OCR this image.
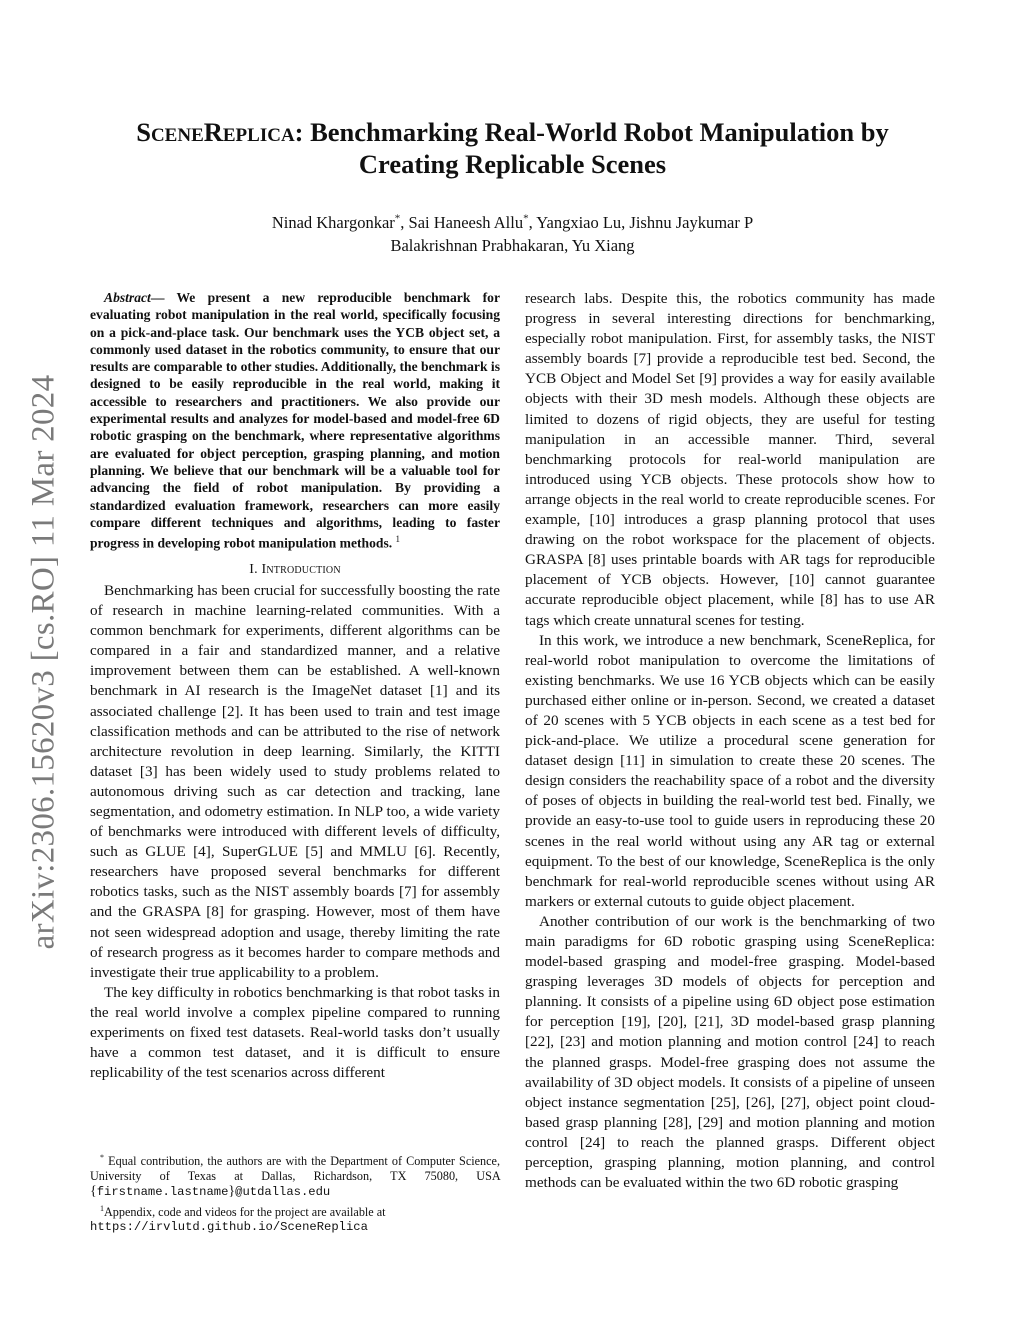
arXiv:2306.15620v3 [cs.RO] 11 Mar 2024
SceneReplica: Benchmarking Real-World Robot Manipulation by
Creating Replicable Scenes
Ninad Khargonkar*, Sai Haneesh Allu*, Yangxiao Lu, Jishnu Jaykumar P
Balakrishnan Prabhakaran, Yu Xiang
Abstract— We present a new reproducible benchmark for evaluating robot manipulation in the real world, specifically focusing on a pick-and-place task. Our benchmark uses the YCB object set, a commonly used dataset in the robotics community, to ensure that our results are comparable to other studies. Additionally, the benchmark is designed to be easily reproducible in the real world, making it accessible to researchers and practitioners. We also provide our experimental results and analyzes for model-based and model-free 6D robotic grasping on the benchmark, where representative algorithms are evaluated for object perception, grasping planning, and motion planning. We believe that our benchmark will be a valuable tool for advancing the field of robot manipulation. By providing a standardized evaluation framework, researchers can more easily compare different techniques and algorithms, leading to faster progress in developing robot manipulation methods. $^1$
I. Introduction

Benchmarking has been crucial for successfully boosting the rate of research in machine learning-related communities. With a common benchmark for experiments, different algorithms can be compared in a fair and standardized manner, and a relative improvement between them can be established. A well-known benchmark in AI research is the ImageNet dataset [1] and its associated challenge [2]. It has been used to train and test image classification methods and can be attributed to the rise of network architecture revolution in deep learning. Similarly, the KITTI dataset [3] has been widely used to study problems related to autonomous driving such as car detection and tracking, lane segmentation, and odometry estimation. In NLP too, a wide variety of benchmarks were introduced with different levels of difficulty, such as GLUE [4], SuperGLUE [5] and MMLU [6]. Recently, researchers have proposed several benchmarks for different robotics tasks, such as the NIST assembly boards [7] for assembly and the GRASPA [8] for grasping. However, most of them have not seen widespread adoption and usage, thereby limiting the rate of research progress as it becomes harder to compare methods and investigate their true applicability to a problem.

The key difficulty in robotics benchmarking is that robot tasks in the real world involve a complex pipeline compared to running experiments on fixed test datasets. Real-world tasks don’t usually have a common test dataset, and it is difficult to ensure replicability of the test scenarios across different

research labs. Despite this, the robotics community has made progress in several interesting directions for benchmarking, especially robot manipulation. First, for assembly tasks, the NIST assembly boards [7] provide a reproducible test bed. Second, the YCB Object and Model Set [9] provides a way for easily available objects with their 3D mesh models. Although these objects are limited to dozens of rigid objects, they are useful for testing manipulation in an accessible manner. Third, several benchmarking protocols for real-world manipulation are introduced using YCB objects. These protocols show how to arrange objects in the real world to create reproducible scenes. For example, [10] introduces a grasp planning protocol that uses drawing on the robot workspace for the placement of objects. GRASPA [8] uses printable boards with AR tags for reproducible placement of YCB objects. However, [10] cannot guarantee accurate reproducible object placement, while [8] has to use AR tags which create unnatural scenes for testing.

In this work, we introduce a new benchmark, SceneReplica, for real-world robot manipulation to overcome the limitations of existing benchmarks. We use 16 YCB objects which can be easily purchased either online or in-person. Second, we created a dataset of 20 scenes with 5 YCB objects in each scene as a test bed for pick-and-place. We utilize a procedural scene generation for dataset design [11] in simulation to create these 20 scenes. The design considers the reachability space of a robot and the diversity of poses of objects in building the real-world test bed. Finally, we provide an easy-to-use tool to guide users in reproducing these 20 scenes in the real world without using any AR tag or external equipment. To the best of our knowledge, SceneReplica is the only benchmark for real-world reproducible scenes without using AR markers or external cutouts to guide object placement.

Another contribution of our work is the benchmarking of two main paradigms for 6D robotic grasping using SceneReplica: model-based grasping and model-free grasping. Model-based grasping leverages 3D models of objects for perception and planning. It consists of a pipeline using 6D object pose estimation for perception [19], [20], [21], 3D model-based grasp planning [22], [23] and motion planning and motion control [24] to reach the planned grasps. Model-free grasping does not assume the availability of 3D object models. It consists of a pipeline of unseen object instance segmentation [25], [26], [27], object point cloud-based grasp planning [28], [29] and motion planning and motion control [24] to reach the planned grasps. Different object perception, grasping planning, motion planning, and control methods can be evaluated within the two 6D robotic grasping

* Equal contribution, the authors are with the Department of Computer Science, University of Texas at Dallas, Richardson, TX 75080, USA {firstname.lastname}@utdallas.edu

$^1$Appendix, code and videos for the project are available at

https://irvlutd.github.io/SceneReplica
